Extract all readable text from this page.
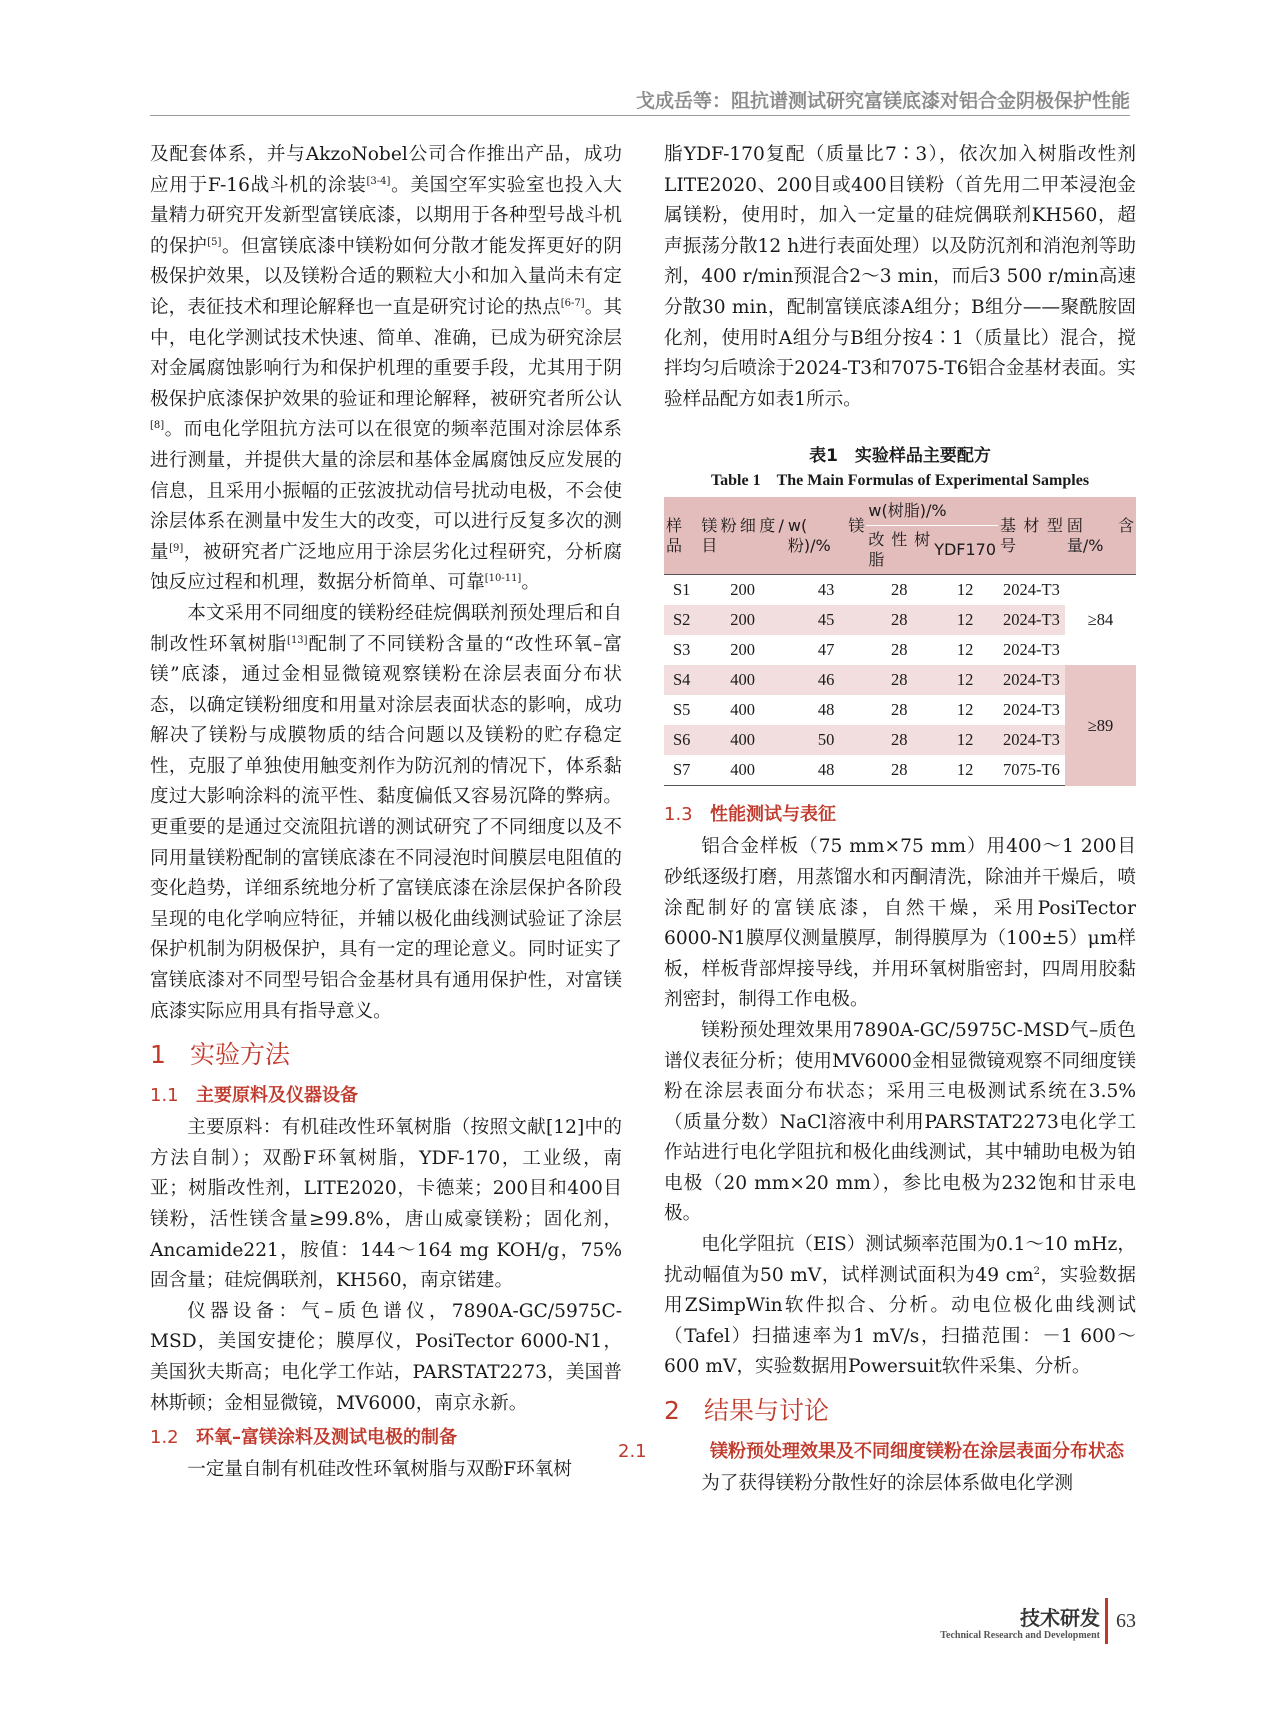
戈成岳等：阻抗谱测试研究富镁底漆对铝合金阴极保护性能

及配套体系，并与AkzoNobel公司合作推出产品，成功应用于F-16战斗机的涂装[3-4]。美国空军实验室也投入大量精力研究开发新型富镁底漆，以期用于各种型号战斗机的保护[5]。但富镁底漆中镁粉如何分散才能发挥更好的阴极保护效果，以及镁粉合适的颗粒大小和加入量尚未有定论，表征技术和理论解释也一直是研究讨论的热点[6-7]。其中，电化学测试技术快速、简单、准确，已成为研究涂层对金属腐蚀影响行为和保护机理的重要手段，尤其用于阴极保护底漆保护效果的验证和理论解释，被研究者所公认[8]。而电化学阻抗方法可以在很宽的频率范围对涂层体系进行测量，并提供大量的涂层和基体金属腐蚀反应发展的信息，且采用小振幅的正弦波扰动信号扰动电极，不会使涂层体系在测量中发生大的改变，可以进行反复多次的测量[9]，被研究者广泛地应用于涂层劣化过程研究，分析腐蚀反应过程和机理，数据分析简单、可靠[10-11]。

本文采用不同细度的镁粉经硅烷偶联剂预处理后和自制改性环氧树脂[13]配制了不同镁粉含量的“改性环氧–富镁”底漆，通过金相显微镜观察镁粉在涂层表面分布状态，以确定镁粉细度和用量对涂层表面状态的影响，成功解决了镁粉与成膜物质的结合问题以及镁粉的贮存稳定性，克服了单独使用触变剂作为防沉剂的情况下，体系黏度过大影响涂料的流平性、黏度偏低又容易沉降的弊病。更重要的是通过交流阻抗谱的测试研究了不同细度以及不同用量镁粉配制的富镁底漆在不同浸泡时间膜层电阻值的变化趋势，详细系统地分析了富镁底漆在涂层保护各阶段呈现的电化学响应特征，并辅以极化曲线测试验证了涂层保护机制为阴极保护，具有一定的理论意义。同时证实了富镁底漆对不同型号铝合金基材具有通用保护性，对富镁底漆实际应用具有指导意义。

1 实验方法
1.1 主要原料及仪器设备

主要原料：有机硅改性环氧树脂（按照文献[12]中的方法自制）；双酚F环氧树脂，YDF-170，工业级，南亚；树脂改性剂，LITE2020，卡德莱；200目和400目镁粉，活性镁含量≥99.8%，唐山威豪镁粉；固化剂，Ancamide221，胺值：144～164 mg KOH/g，75%固含量；硅烷偶联剂，KH560，南京锘建。

仪器设备：气–质色谱仪，7890A-GC/5975C-MSD，美国安捷伦；膜厚仪，PosiTector 6000-N1，美国狄夫斯高；电化学工作站，PARSTAT2273，美国普林斯顿；金相显微镜，MV6000，南京永新。

1.2 环氧–富镁涂料及测试电极的制备

一定量自制有机硅改性环氧树脂与双酚F环氧树

脂YDF-170复配（质量比7∶3），依次加入树脂改性剂LITE2020、200目或400目镁粉（首先用二甲苯浸泡金属镁粉，使用时，加入一定量的硅烷偶联剂KH560，超声振荡分散12 h进行表面处理）以及防沉剂和消泡剂等助剂，400 r/min预混合2～3 min，而后3 500 r/min高速分散30 min，配制富镁底漆A组分；B组分——聚酰胺固化剂，使用时A组分与B组分按4∶1（质量比）混合，搅拌均匀后喷涂于2024-T3和7075-T6铝合金基材表面。实验样品配方如表1所示。

表1　实验样品主要配方
Table 1　The Main Formulas of Experimental Samples
样品	镁粉细度/目	w(镁粉)/%	w(树脂)/%		基材型号	固含量/%
			改性树脂	YDF170		
S1	200	43	28	12	2024-T3	≥84
S2	200	45	28	12	2024-T3	
S3	200	47	28	12	2024-T3	
S4	400	46	28	12	2024-T3	≥89
S5	400	48	28	12	2024-T3	
S6	400	50	28	12	2024-T3	
S7	400	48	28	12	7075-T6	
1.3 性能测试与表征

铝合金样板（75 mm×75 mm）用400～1 200目砂纸逐级打磨，用蒸馏水和丙酮清洗，除油并干燥后，喷涂配制好的富镁底漆，自然干燥，采用PosiTector 6000-N1膜厚仪测量膜厚，制得膜厚为（100±5）μm样板，样板背部焊接导线，并用环氧树脂密封，四周用胶黏剂密封，制得工作电极。

镁粉预处理效果用7890A-GC/5975C-MSD气–质色谱仪表征分析；使用MV6000金相显微镜观察不同细度镁粉在涂层表面分布状态；采用三电极测试系统在3.5%（质量分数）NaCl溶液中利用PARSTAT2273电化学工作站进行电化学阻抗和极化曲线测试，其中辅助电极为铂电极（20 mm×20 mm），参比电极为232饱和甘汞电极。

电化学阻抗（EIS）测试频率范围为0.1～10 mHz，扰动幅值为50 mV，试样测试面积为49 $cm^2$，实验数据用ZSimpWin软件拟合、分析。动电位极化曲线测试（Tafel）扫描速率为1 mV/s，扫描范围：－1 600～600 mV，实验数据用Powersuit软件采集、分析。

2 结果与讨论
2.1	镁粉预处理效果及不同细度镁粉在涂层表面分布状态

为了获得镁粉分散性好的涂层体系做电化学测

技术研发
Technical Research and Development
63
